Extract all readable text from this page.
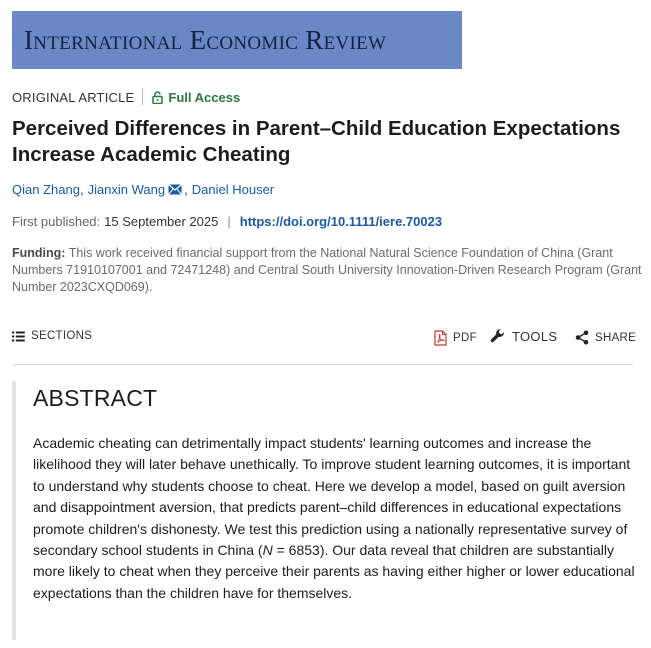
International Economic Review
ORIGINAL ARTICLE	Full Access
Perceived Differences in Parent–Child Education Expectations Increase Academic Cheating
Qian Zhang , Jianxin Wang , Daniel Houser
First published: 15 September 2025 | https://doi.org/10.1111/iere.70023

Funding: This work received financial support from the National Natural Science Foundation of China (Grant Numbers 71910107001 and 72471248) and Central South University Innovation-Driven Research Program (Grant Number 2023CXQD069).

SECTIONS	PDF	TOOLS	SHARE
ABSTRACT

Academic cheating can detrimentally impact students' learning outcomes and increase the likelihood they will later behave unethically. To improve student learning outcomes, it is important to understand why students choose to cheat. Here we develop a model, based on guilt aversion and disappointment aversion, that predicts parent–child differences in educational expectations promote children's dishonesty. We test this prediction using a nationally representative survey of secondary school students in China (N = 6853). Our data reveal that children are substantially more likely to cheat when they perceive their parents as having either higher or lower educational expectations than the children have for themselves.
